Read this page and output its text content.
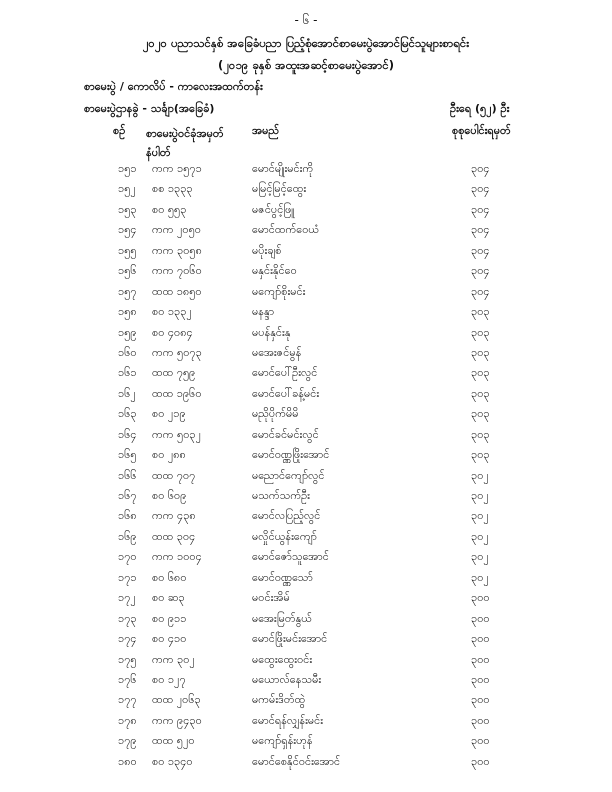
- ၆ -
၂၀၂၀ ပညာသင်နှစ် အခြေခံပညာ ပြည့်စုံအောင်စာမေးပွဲအောင်မြင်သူများစာရင်း
(၂၀၁၉ ခုနှစ် အထူးအဆင့်စာမေးပွဲအောင်)
စာမေးပွဲ / ကောလိပ် - ကာလေးအထက်တန်း
စာမေးပွဲဌာနခွဲ - သင်္ချာ(အခြေခံ)	ဦးရေ (၅၂) ဦး
စဉ် စာမေးပွဲဝင်ခုံအမှတ်
နံပါတ်
အမည်	စုစုပေါင်းရမှတ်
၁၅၁ ကက ၁၅၇၁	မောင်မျိုးမင်းကို	၃၀၄
၁၅၂ စစ ၁၃၃၃	မမြင့်မြင့်ထွေး	၃၀၄
၁၅၃ စဝ ၅၅၃	မဇင်ပွင့်ဖြူ	၃၀၄
၁၅၄ ကက ၂၀၅၀	မောင်ထက်ဝေယံ	၃၀၄
၁၅၅ ကက ၃၀၅၈	မပိုးချစ်	၃၀၄
၁၅၆ ကက ၇၀၆၀	မနှင်းနိုင်ဝေ	၃၀၄
၁၅၇ ထထ ၁၈၅၀	မကျော်စိုးမင်း	၃၀၄
၁၅၈ စဝ ၁၃၃၂	မနန္ဒာ	၃၀၃
၁၅၉ စဝ ၄၀၈၄	မပန်နှင်းနု	၃၀၃
၁၆၀ ကက ၅၀၇၃	မအေးဇင်မွန်	၃၀၃
၁၆၁ ထထ ၇၅၉	မောင်ပေါ်ဦးလွင်	၃၀၃
၁၆၂ ထထ ၁၉၆၀	မောင်ပေါ်ခန့်မင်း	၃၀၃
၁၆၃ စဝ ၂၁၉	မညိုပိုက်မိမိ	၃၀၃
၁၆၄ ကက ၅၀၃၂	မောင်ခင်မင်းလွင်	၃၀၃
၁၆၅ စဝ ၂၈၈	မောင်ဝဏ္ဏဖြိုးအောင်	၃၀၃
၁၆၆ ထထ ၇၀၇	မညောင်ကျော်လွင်	၃၀၂
၁၆၇ စဝ ၆၀၉	မသက်သက်ဦး	၃၀၂
၁၆၈ ကက ၄၃၈	မောင်လပြည့်လွင်	၃၀၂
၁၆၉ ထထ ၃၀၄	မလှိုင်ယွန်းကျော်	၃၀၂
၁၇၀ ကက ၁၀၀၄	မောင်ဇော်သူအောင်	၃၀၂
၁၇၁ စဝ ၆၈၀	မောင်ဝဏ္ဏသော်	၃၀၂
၁၇၂ စဝ ဆ၃	မဝင်းအိမ်	၃၀၀
၁၇၃ စဝ ၉၁၁	မအေးမြတ်နွယ်	၃၀၀
၁၇၄ စဝ ၄၁၀	မောင်ဖြိုးမင်းအောင်	၃၀၀
၁၇၅ ကက ၃၀၂	မထွေးထွေးဝင်း	၃၀၀
၁၇၆ စဝ ၁၂၇	မယောလ်နေသမီး	၃၀၀
၁၇၇ ထထ ၂၀၆၃	မကမ်းဒိတ်ထွဲ	၃၀၀
၁၇၈ ကက ၉၄၃၀	မောင်ရန်လျှန်းမင်း	၃၀၀
၁၇၉ ထထ ၅၂၀	မကျော်ရှန်းဟုန်	၃၀၀
၁၈၀ စဝ ၁၃၄၀	မောင်စေနိုင်ဝင်းအောင်	၃၀၀
